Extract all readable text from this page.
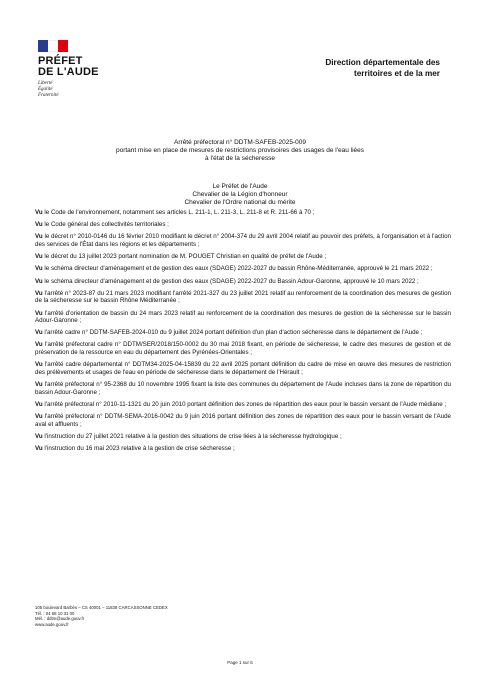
PRÉFET
DE L'AUDE
Liberté
Égalité
Fraternité
Direction départementale des
territoires et de la mer
Arrêté préfectoral n° DDTM-SAFEB-2025-009
portant mise en place de mesures de restrictions provisoires des usages de l'eau liées
à l'état de la sécheresse
Le Préfet de l'Aude
Chevalier de la Légion d'honneur
Chevalier de l'Ordre national du mérite

Vu le Code de l'environnement, notamment ses articles L. 211-1, L. 211-3, L. 211-8 et R. 211-66 à 70 ;

Vu le Code général des collectivités territoriales ;

Vu le décret n° 2010-0146 du 16 février 2010 modifiant le décret n° 2004-374 du 29 avril 2004 relatif au pouvoir des préfets, à l'organisation et à l'action des services de l'État dans les régions et les départements ;

Vu le décret du 13 juillet 2023 portant nomination de M. POUGET Christian en qualité de préfet de l'Aude ;

Vu le schéma directeur d'aménagement et de gestion des eaux (SDAGE) 2022-2027 du bassin Rhône-Méditerranée, approuvé le 21 mars 2022 ;

Vu le schéma directeur d'aménagement et de gestion des eaux (SDAGE) 2022-2027 du Bassin Adour-Garonne, approuvé le 10 mars 2022 ;

Vu l'arrêté n° 2023-87 du 21 mars 2023 modifiant l'arrêté 2021-327 du 23 juillet 2021 relatif au renforcement de la coordination des mesures de gestion de la sécheresse sur le bassin Rhône Méditerranée ;

Vu l'arrêté d'orientation de bassin du 24 mars 2023 relatif au renforcement de la coordination des mesures de gestion de la sécheresse sur le bassin Adour-Garonne ;

Vu l'arrêté cadre n° DDTM-SAFEB-2024-010 du 9 juillet 2024 portant définition d'un plan d'action sécheresse dans le département de l'Aude ;

Vu l'arrêté préfectoral cadre n° DDTM/SER/2018/150-0002 du 30 mai 2018 fixant, en période de sécheresse, le cadre des mesures de gestion et de préservation de la ressource en eau du département des Pyrénées-Orientales ;

Vu l'arrêté cadre départemental n° DDTM34-2025-04-15839 du 22 avril 2025 portant définition du cadre de mise en œuvre des mesures de restriction des prélèvements et usages de l'eau en période de sécheresse dans le département de l'Hérault ;

Vu l'arrêté préfectoral n° 95-2368 du 10 novembre 1995 fixant la liste des communes du département de l'Aude incluses dans la zone de répartition du bassin Adour-Garonne ;

Vu l'arrêté préfectoral n° 2010-11-1321 du 20 juin 2010 portant définition des zones de répartition des eaux pour le bassin versant de l'Aude médiane ;

Vu l'arrêté préfectoral n° DDTM-SEMA-2016-0042 du 9 juin 2016 portant définition des zones de répartition des eaux pour le bassin versant de l'Aude aval et affluents ;

Vu l'instruction du 27 juillet 2021 relative à la gestion des situations de crise liées à la sécheresse hydrologique ;

Vu l'instruction du 16 mai 2023 relative à la gestion de crise sécheresse ;

105 boulevard Barbès – CS 40001 – 11838 CARCASSONNE CEDEX
Tél. : 04 68 10 31 00
Mél. : ddtm@aude.gouv.fr
www.aude.gouv.fr
Page 1 sur 6
